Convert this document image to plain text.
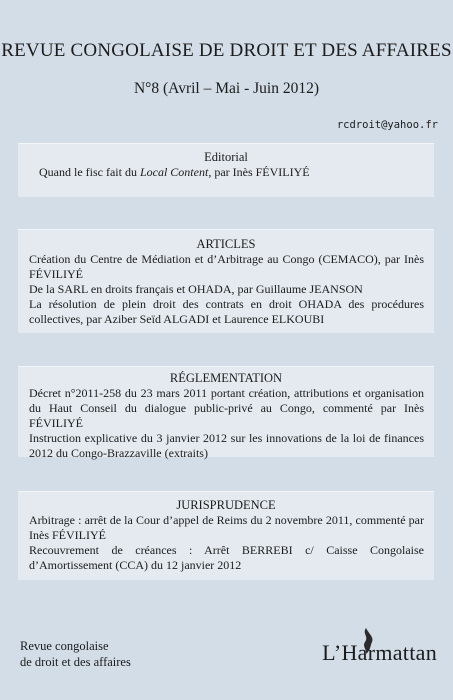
REVUE CONGOLAISE DE DROIT ET DES AFFAIRES
N°8 (Avril – Mai - Juin 2012)
rcdroit@yahoo.fr
Editorial

Quand le fisc fait du Local Content, par Inès FÉVILIYÉ

ARTICLES

Création du Centre de Médiation et d’Arbitrage au Congo (CEMACO), par Inès FÉVILIYÉ

De la SARL en droits français et OHADA, par Guillaume JEANSON

La résolution de plein droit des contrats en droit OHADA des procédures collectives, par Aziber Seïd ALGADI et Laurence ELKOUBI

RÉGLEMENTATION

Décret n°2011-258 du 23 mars 2011 portant création, attributions et organisation du Haut Conseil du dialogue public-privé au Congo, commenté par Inès FÉVILIYÉ

Instruction explicative du 3 janvier 2012 sur les innovations de la loi de finances 2012 du Congo-Brazzaville (extraits)

JURISPRUDENCE

Arbitrage : arrêt de la Cour d’appel de Reims du 2 novembre 2011, commenté par Inès FÉVILIYÉ

Recouvrement de créances : Arrêt BERREBI c/ Caisse Congolaise d’Amortissement (CCA) du 12 janvier 2012

Revue congolaise
de droit et des affaires	L’Harmattan
